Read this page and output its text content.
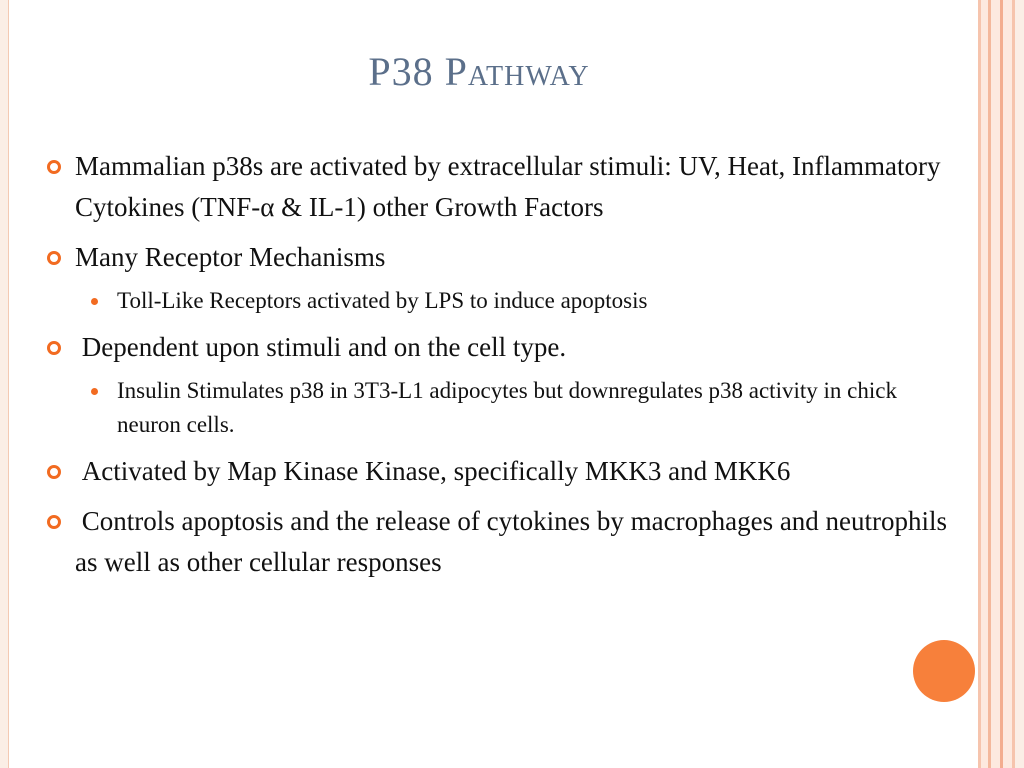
P38 Pathway
Mammalian p38s are activated by extracellular stimuli: UV, Heat, Inflammatory Cytokines (TNF-α & IL-1) other Growth Factors
Many Receptor Mechanisms
Toll-Like Receptors activated by LPS to induce apoptosis
Dependent upon stimuli and on the cell type.
Insulin Stimulates p38 in 3T3-L1 adipocytes but downregulates p38 activity in chick neuron cells.
Activated by Map Kinase Kinase, specifically MKK3 and MKK6
Controls apoptosis and the release of cytokines by macrophages and neutrophils as well as other cellular responses
